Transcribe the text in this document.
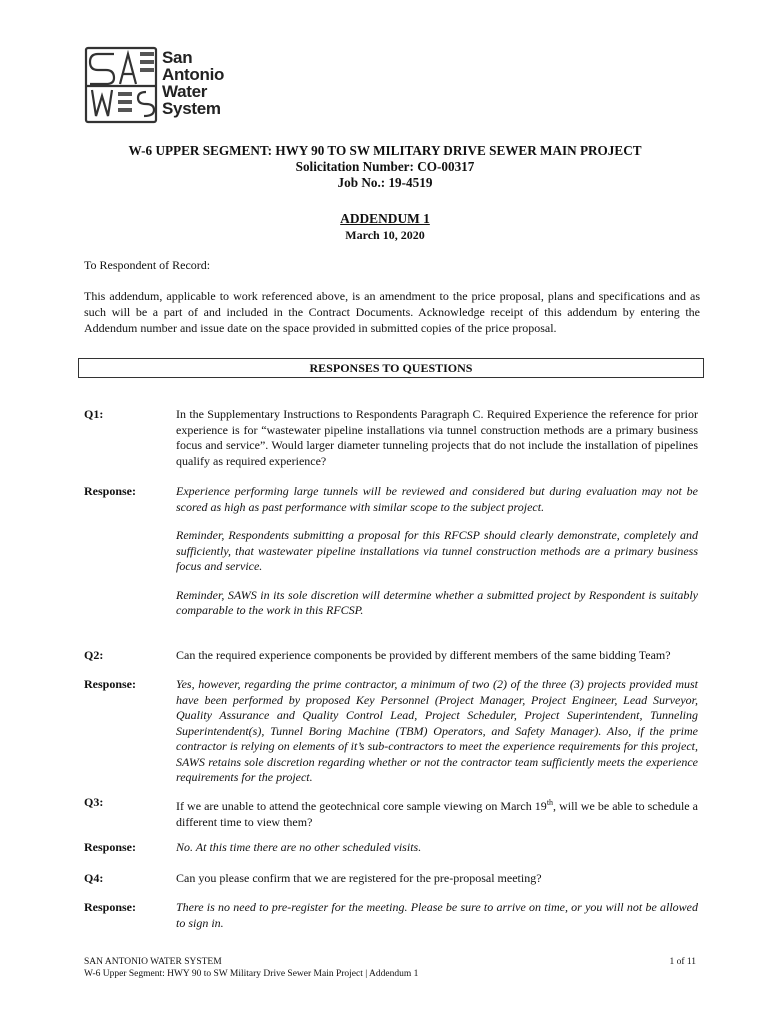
San
Antonio
Water
System
W-6 UPPER SEGMENT: HWY 90 TO SW MILITARY DRIVE SEWER MAIN PROJECT
Solicitation Number: CO-00317
Job No.: 19-4519
ADDENDUM 1
March 10, 2020
To Respondent of Record:
This addendum, applicable to work referenced above, is an amendment to the price proposal, plans and specifications and as such will be a part of and included in the Contract Documents. Acknowledge receipt of this addendum by entering the Addendum number and issue date on the space provided in submitted copies of the price proposal.
RESPONSES TO QUESTIONS
Q1:	In the Supplementary Instructions to Respondents Paragraph C. Required Experience the reference for prior experience is for “wastewater pipeline installations via tunnel construction methods are a primary business focus and service”. Would larger diameter tunneling projects that do not include the installation of pipelines qualify as required experience?
Response:	Experience performing large tunnels will be reviewed and considered but during evaluation may not be scored as high as past performance with similar scope to the subject project.

Reminder, Respondents submitting a proposal for this RFCSP should clearly demonstrate, completely and sufficiently, that wastewater pipeline installations via tunnel construction methods are a primary business focus and service.

Reminder, SAWS in its sole discretion will determine whether a submitted project by Respondent is suitably comparable to the work in this RFCSP.

Q2:	Can the required experience components be provided by different members of the same bidding Team?
Response:	Yes, however, regarding the prime contractor, a minimum of two (2) of the three (3) projects provided must have been performed by proposed Key Personnel (Project Manager, Project Engineer, Lead Surveyor, Quality Assurance and Quality Control Lead, Project Scheduler, Project Superintendent, Tunneling Superintendent(s), Tunnel Boring Machine (TBM) Operators, and Safety Manager). Also, if the prime contractor is relying on elements of it’s sub-contractors to meet the experience requirements for this project, SAWS retains sole discretion regarding whether or not the contractor team sufficiently meets the experience requirements for the project.

Q3:	If we are unable to attend the geotechnical core sample viewing on March 19th, will we be able to schedule a different time to view them?
Response:	No. At this time there are no other scheduled visits.

Q4:	Can you please confirm that we are registered for the pre-proposal meeting?
Response:	There is no need to pre-register for the meeting. Please be sure to arrive on time, or you will not be allowed to sign in.

SAN ANTONIO WATER SYSTEM	1 of 11
W-6 Upper Segment: HWY 90 to SW Military Drive Sewer Main Project | Addendum 1
